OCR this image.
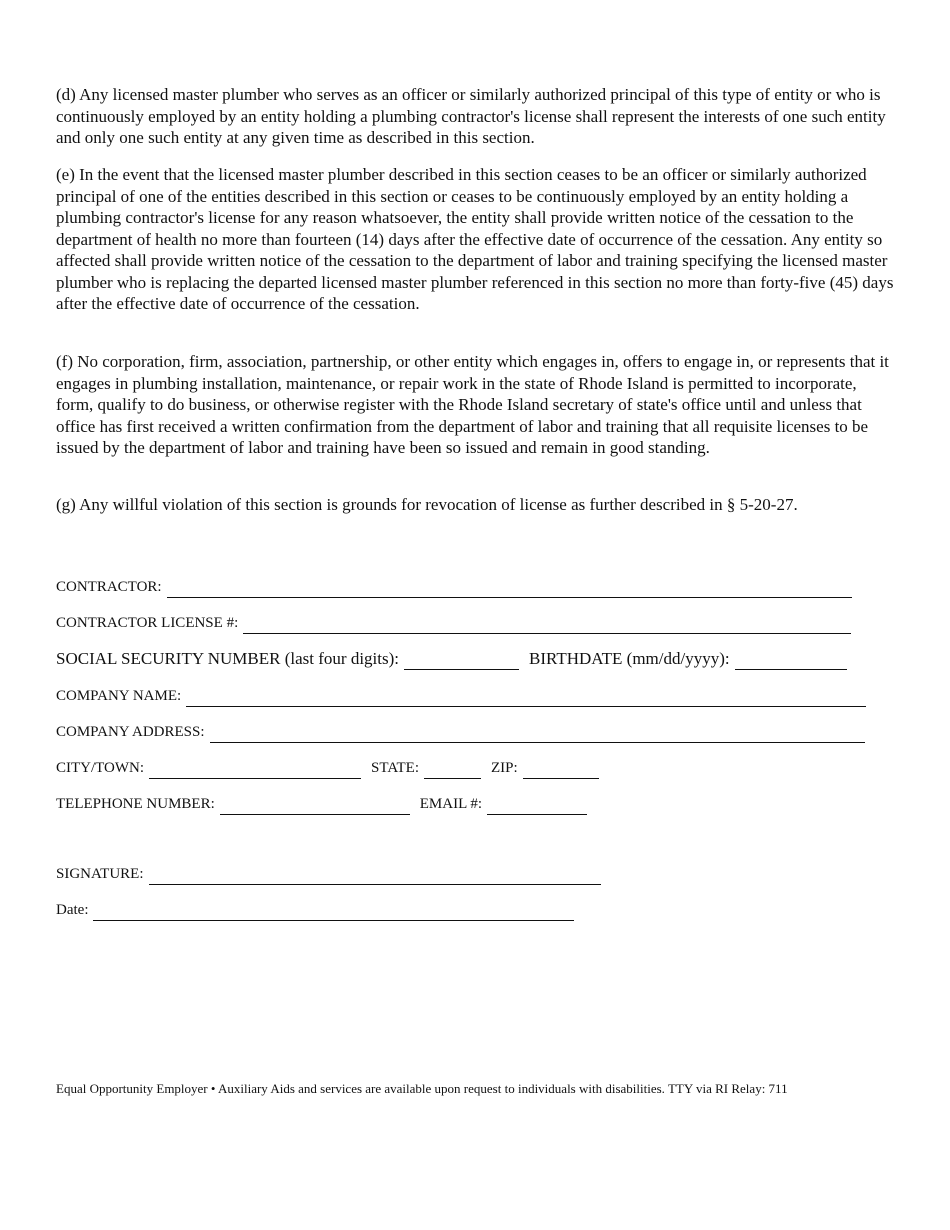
(d) Any licensed master plumber who serves as an officer or similarly authorized principal of this type of entity or who is continuously employed by an entity holding a plumbing contractor's license shall represent the interests of one such entity and only one such entity at any given time as described in this section.

(e) In the event that the licensed master plumber described in this section ceases to be an officer or similarly authorized principal of one of the entities described in this section or ceases to be continuously employed by an entity holding a plumbing contractor's license for any reason whatsoever, the entity shall provide written notice of the cessation to the department of health no more than fourteen (14) days after the effective date of occurrence of the cessation. Any entity so affected shall provide written notice of the cessation to the department of labor and training specifying the licensed master plumber who is replacing the departed licensed master plumber referenced in this section no more than forty-five (45) days after the effective date of occurrence of the cessation.

(f) No corporation, firm, association, partnership, or other entity which engages in, offers to engage in, or represents that it engages in plumbing installation, maintenance, or repair work in the state of Rhode Island is permitted to incorporate, form, qualify to do business, or otherwise register with the Rhode Island secretary of state's office until and unless that office has first received a written confirmation from the department of labor and training that all requisite licenses to be issued by the department of labor and training have been so issued and remain in good standing.

(g) Any willful violation of this section is grounds for revocation of license as further described in § 5-20-27.

CONTRACTOR:
CONTRACTOR LICENSE #:
SOCIAL SECURITY NUMBER (last four digits):	BIRTHDATE (mm/dd/yyyy):
COMPANY NAME:
COMPANY ADDRESS:
CITY/TOWN:	STATE:	ZIP:
TELEPHONE NUMBER:	EMAIL #:
SIGNATURE:
Date:
Equal Opportunity Employer • Auxiliary Aids and services are available upon request to individuals with disabilities. TTY via RI Relay: 711
